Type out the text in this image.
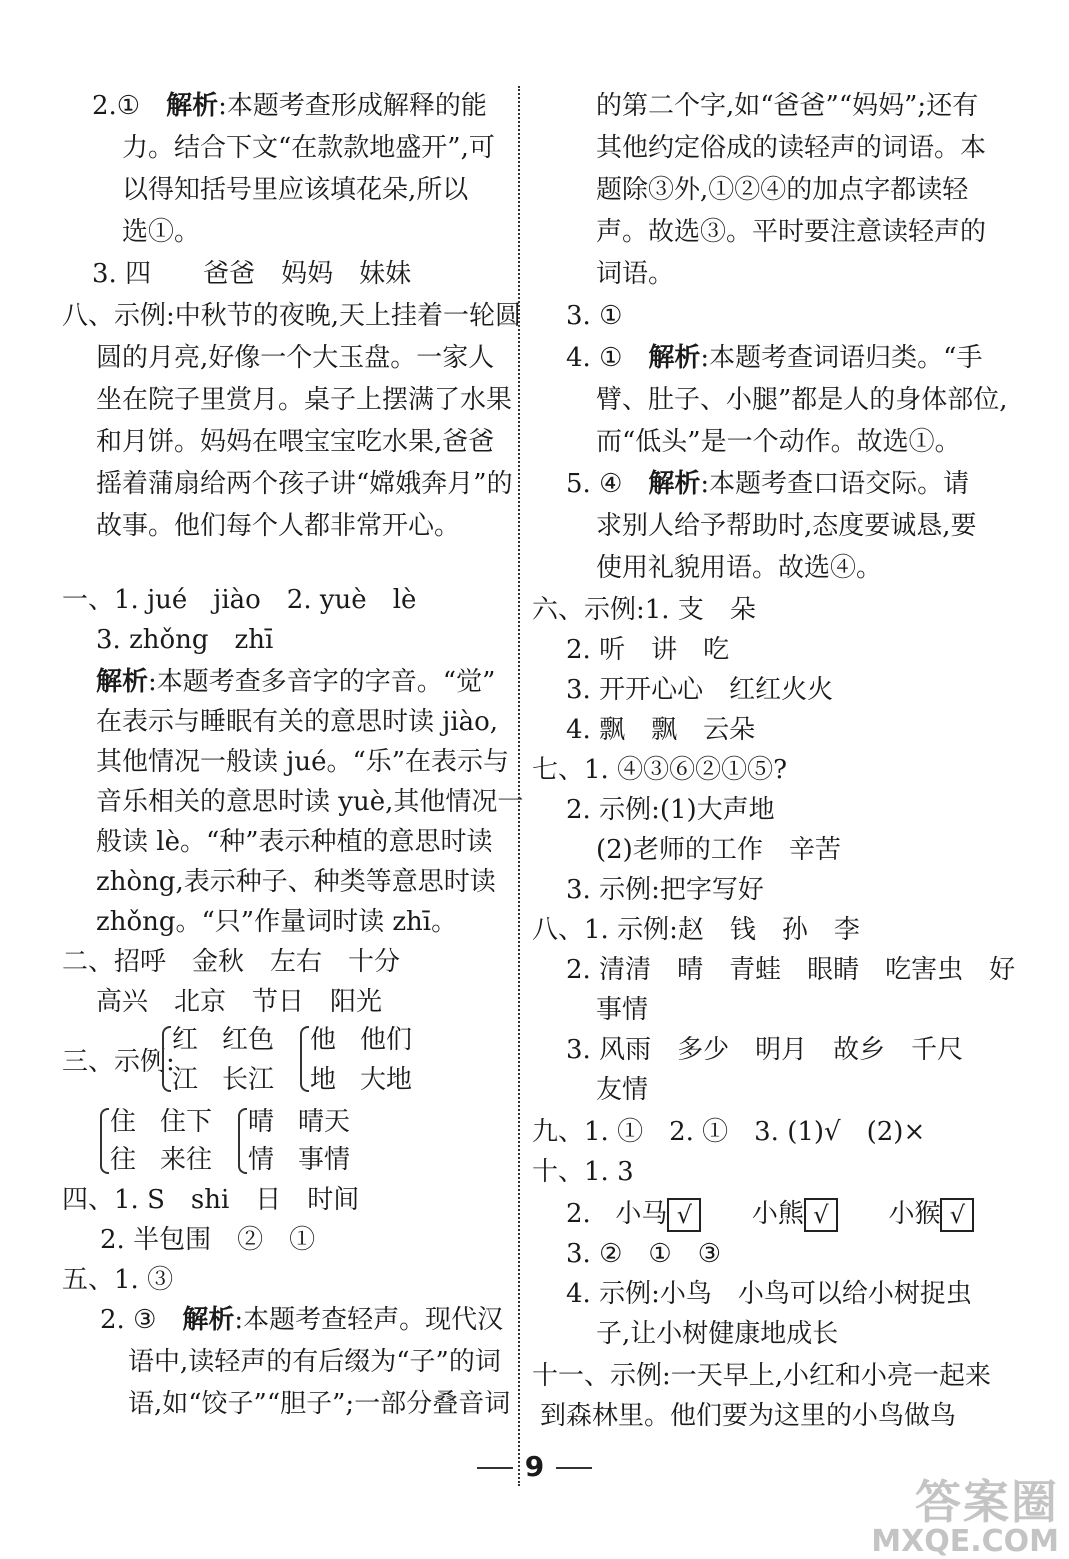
2.①　解析:本题考查形成解释的能
力。结合下文“在款款地盛开”,可
以得知括号里应该填花朵,所以
选①。
3. 四　　爸爸　妈妈　妹妹
八、示例:中秋节的夜晚,天上挂着一轮圆
圆的月亮,好像一个大玉盘。一家人
坐在院子里赏月。桌子上摆满了水果
和月饼。妈妈在喂宝宝吃水果,爸爸
摇着蒲扇给两个孩子讲“嫦娥奔月”的
故事。他们每个人都非常开心。
一、1. jué　jiào　2. yuè　lè
3. zhǒng　zhī
解析:本题考查多音字的字音。“觉”
在表示与睡眠有关的意思时读 jiào,
其他情况一般读 jué。“乐”在表示与
音乐相关的意思时读 yuè,其他情况一
般读 lè。“种”表示种植的意思时读
zhòng,表示种子、种类等意思时读
zhǒng。“只”作量词时读 zhī。
二、招呼　金秋　左右　十分
高兴　北京　节日　阳光
三、示例:
红 红色 他 他们
江 长江 地 大地
住 住下 晴 晴天
往 来往 情 事情
四、1. S　shi　日　时间
2. 半包围　②　①
五、1. ③
2. ③　解析:本题考查轻声。现代汉
语中,读轻声的有后缀为“子”的词
语,如“饺子”“胆子”;一部分叠音词
的第二个字,如“爸爸”“妈妈”;还有
其他约定俗成的读轻声的词语。本
题除③外,①②④的加点字都读轻
声。故选③。平时要注意读轻声的
词语。
3. ①
4. ①　解析:本题考查词语归类。“手
臂、肚子、小腿”都是人的身体部位,
而“低头”是一个动作。故选①。
5. ④　解析:本题考查口语交际。请
求别人给予帮助时,态度要诚恳,要
使用礼貌用语。故选④。
六、示例:1. 支　朵
2. 听　讲　吃
3. 开开心心　红红火火
4. 飘　飘　云朵
七、1. ④③⑥②①⑤?
2. 示例:(1)大声地
(2)老师的工作　辛苦
3. 示例:把字写好
八、1. 示例:赵　钱　孙　李
2. 清清　晴　青蛙　眼睛　吃害虫　好
事情
3. 风雨　多少　明月　故乡　千尺
友情
九、1. ①　2. ①　3. (1)√　(2)×
十、1. 3
2. 小马 √ 小熊 √ 小猴 √
3. ②　①　③
4. 示例:小鸟　小鸟可以给小树捉虫
子,让小树健康地成长
十一、示例:一天早上,小红和小亮一起来
到森林里。他们要为这里的小鸟做鸟
9
答案圈
MXQE.COM
